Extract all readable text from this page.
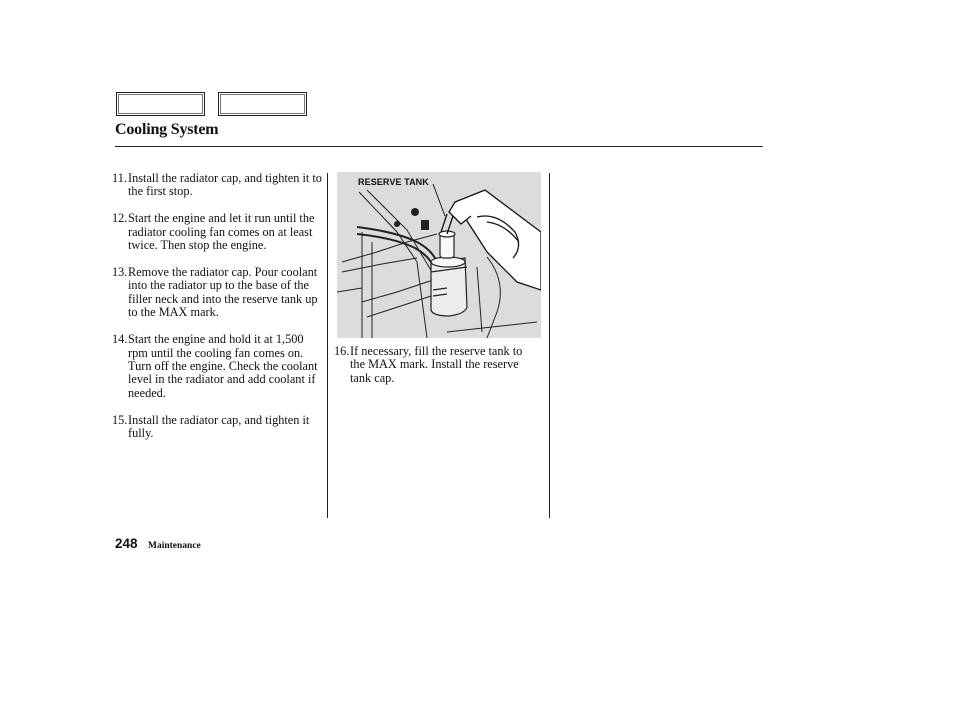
Cooling System
11. Install the radiator cap, and tighten it to the first stop.
12. Start the engine and let it run until the radiator cooling fan comes on at least twice. Then stop the engine.
13. Remove the radiator cap. Pour coolant into the radiator up to the base of the filler neck and into the reserve tank up to the MAX mark.
14. Start the engine and hold it at 1,500 rpm until the cooling fan comes on. Turn off the engine. Check the coolant level in the radiator and add coolant if needed.
15. Install the radiator cap, and tighten it fully.
RESERVE TANK
16. If necessary, fill the reserve tank to the MAX mark. Install the reserve tank cap.
248 Maintenance
